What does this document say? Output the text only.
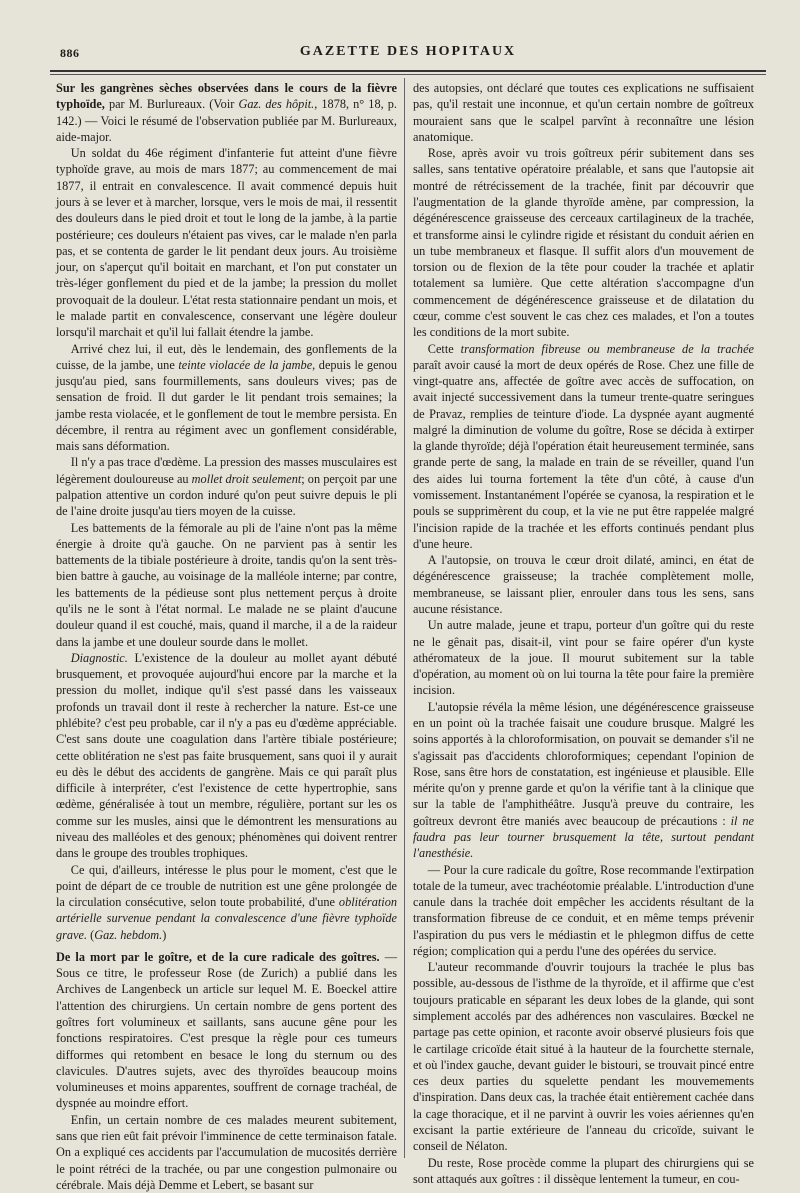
886	GAZETTE DES HOPITAUX

Sur les gangrènes sèches observées dans le cours de la fièvre typhoïde, par M. Burlureaux. (Voir Gaz. des hôpit., 1878, n° 18, p. 142.) — Voici le résumé de l'observation publiée par M. Burlureaux, aide-major.

Un soldat du 46e régiment d'infanterie fut atteint d'une fièvre typhoïde grave, au mois de mars 1877; au commencement de mai 1877, il entrait en convalescence. Il avait commencé depuis huit jours à se lever et à marcher, lorsque, vers le mois de mai, il ressentit des douleurs dans le pied droit et tout le long de la jambe, à la partie postérieure; ces douleurs n'étaient pas vives, car le malade n'en parla pas, et se contenta de garder le lit pendant deux jours. Au troisième jour, on s'aperçut qu'il boitait en marchant, et l'on put constater un très-léger gonflement du pied et de la jambe; la pression du mollet provoquait de la douleur. L'état resta stationnaire pendant un mois, et le malade partit en convalescence, conservant une légère douleur lorsqu'il marchait et qu'il lui fallait étendre la jambe.

Arrivé chez lui, il eut, dès le lendemain, des gonflements de la cuisse, de la jambe, une teinte violacée de la jambe, depuis le genou jusqu'au pied, sans fourmillements, sans douleurs vives; pas de sensation de froid. Il dut garder le lit pendant trois semaines; la jambe resta violacée, et le gonflement de tout le membre persista. En décembre, il rentra au régiment avec un gonflement considérable, mais sans déformation.

Il n'y a pas trace d'œdème. La pression des masses musculaires est légèrement douloureuse au mollet droit seulement; on perçoit par une palpation attentive un cordon induré qu'on peut suivre depuis le pli de l'aine droite jusqu'au tiers moyen de la cuisse.

Les battements de la fémorale au pli de l'aine n'ont pas la même énergie à droite qu'à gauche. On ne parvient pas à sentir les battements de la tibiale postérieure à droite, tandis qu'on la sent très-bien battre à gauche, au voisinage de la malléole interne; par contre, les battements de la pédieuse sont plus nettement perçus à droite qu'ils ne le sont à l'état normal. Le malade ne se plaint d'aucune douleur quand il est couché, mais, quand il marche, il a de la raideur dans la jambe et une douleur sourde dans le mollet.

Diagnostic. L'existence de la douleur au mollet ayant débuté brusquement, et provoquée aujourd'hui encore par la marche et la pression du mollet, indique qu'il s'est passé dans les vaisseaux profonds un travail dont il reste à rechercher la nature. Est-ce une phlébite? c'est peu probable, car il n'y a pas eu d'œdème appréciable. C'est sans doute une coagulation dans l'artère tibiale postérieure; cette oblitération ne s'est pas faite brusquement, sans quoi il y aurait eu dès le début des accidents de gangrène. Mais ce qui paraît plus difficile à interpréter, c'est l'existence de cette hypertrophie, sans œdème, généralisée à tout un membre, régulière, portant sur les os comme sur les musles, ainsi que le démontrent les mensurations au niveau des malléoles et des genoux; phénomènes qui doivent rentrer dans le groupe des troubles trophiques.

Ce qui, d'ailleurs, intéresse le plus pour le moment, c'est que le point de départ de ce trouble de nutrition est une gêne prolongée de la circulation consécutive, selon toute probabilité, d'une oblitération artérielle survenue pendant la convalescence d'une fièvre typhoïde grave. (Gaz. hebdom.)

De la mort par le goître, et de la cure radicale des goîtres. — Sous ce titre, le professeur Rose (de Zurich) a publié dans les Archives de Langenbeck un article sur lequel M. E. Boeckel attire l'attention des chirurgiens. Un certain nombre de gens portent des goîtres fort volumineux et saillants, sans aucune gêne pour les fonctions respiratoires. C'est presque la règle pour ces tumeurs difformes qui retombent en besace le long du sternum ou des clavicules. D'autres sujets, avec des thyroïdes beaucoup moins volumineuses et moins apparentes, souffrent de cornage trachéal, de dyspnée au moindre effort.

Enfin, un certain nombre de ces malades meurent subitement, sans que rien eût fait prévoir l'imminence de cette terminaison fatale. On a expliqué ces accidents par l'accumulation de mucosités derrière le point rétréci de la trachée, ou par une congestion pulmonaire ou cérébrale. Mais déjà Demme et Lebert, se basant sur

des autopsies, ont déclaré que toutes ces explications ne suffisaient pas, qu'il restait une inconnue, et qu'un certain nombre de goîtreux mouraient sans que le scalpel parvînt à reconnaître une lésion anatomique.

Rose, après avoir vu trois goîtreux périr subitement dans ses salles, sans tentative opératoire préalable, et sans que l'autopsie ait montré de rétrécissement de la trachée, finit par découvrir que l'augmentation de la glande thyroïde amène, par compression, la dégénérescence graisseuse des cerceaux cartilagineux de la trachée, et transforme ainsi le cylindre rigide et résistant du conduit aérien en un tube membraneux et flasque. Il suffit alors d'un mouvement de torsion ou de flexion de la tête pour couder la trachée et aplatir totalement sa lumière. Que cette altération s'accompagne d'un commencement de dégénérescence graisseuse et de dilatation du cœur, comme c'est souvent le cas chez ces malades, et l'on a toutes les conditions de la mort subite.

Cette transformation fibreuse ou membraneuse de la trachée paraît avoir causé la mort de deux opérés de Rose. Chez une fille de vingt-quatre ans, affectée de goître avec accès de suffocation, on avait injecté successivement dans la tumeur trente-quatre seringues de Pravaz, remplies de teinture d'iode. La dyspnée ayant augmenté malgré la diminution de volume du goître, Rose se décida à extirper la glande thyroïde; déjà l'opération était heureusement terminée, sans grande perte de sang, la malade en train de se réveiller, quand l'un des aides lui tourna fortement la tête d'un côté, à cause d'un vomissement. Instantanément l'opérée se cyanosa, la respiration et le pouls se supprimèrent du coup, et la vie ne put être rappelée malgré l'incision rapide de la trachée et les efforts continués pendant plus d'une heure.

A l'autopsie, on trouva le cœur droit dilaté, aminci, en état de dégénérescence graisseuse; la trachée complètement molle, membraneuse, se laissant plier, enrouler dans tous les sens, sans aucune résistance.

Un autre malade, jeune et trapu, porteur d'un goître qui du reste ne le gênait pas, disait-il, vint pour se faire opérer d'un kyste athéromateux de la joue. Il mourut subitement sur la table d'opération, au moment où on lui tourna la tête pour faire la première incision.

L'autopsie révéla la même lésion, une dégénérescence graisseuse en un point où la trachée faisait une coudure brusque. Malgré les soins apportés à la chloroformisation, on pouvait se demander s'il ne s'agissait pas d'accidents chloroformiques; cependant l'opinion de Rose, sans être hors de constatation, est ingénieuse et plausible. Elle mérite qu'on y prenne garde et qu'on la vérifie tant à la clinique que sur la table de l'amphithéâtre. Jusqu'à preuve du contraire, les goîtreux devront être maniés avec beaucoup de précautions : il ne faudra pas leur tourner brusquement la tête, surtout pendant l'anesthésie.

— Pour la cure radicale du goître, Rose recommande l'extirpation totale de la tumeur, avec trachéotomie préalable. L'introduction d'une canule dans la trachée doit empêcher les accidents résultant de la transformation fibreuse de ce conduit, et en même temps prévenir l'aspiration du pus vers le médiastin et le phlegmon diffus de cette région; complication qui a perdu l'une des opérées du service.

L'auteur recommande d'ouvrir toujours la trachée le plus bas possible, au-dessous de l'isthme de la thyroïde, et il affirme que c'est toujours praticable en séparant les deux lobes de la glande, qui sont simplement accolés par des adhérences non vasculaires. Bœckel ne partage pas cette opinion, et raconte avoir observé plusieurs fois que le cartilage cricoïde était situé à la hauteur de la fourchette sternale, et où l'index gauche, devant guider le bistouri, se trouvait pincé entre ces deux parties du squelette pendant les mouvemements d'inspiration. Dans deux cas, la trachée était entièrement cachée dans la cage thoracique, et il ne parvint à ouvrir les voies aériennes qu'en excisant la partie extérieure de l'anneau du cricoïde, suivant le conseil de Nélaton.

Du reste, Rose procède comme la plupart des chirurgiens qui se sont attaqués aux goîtres : il dissèque lentement la tumeur, en cou-
